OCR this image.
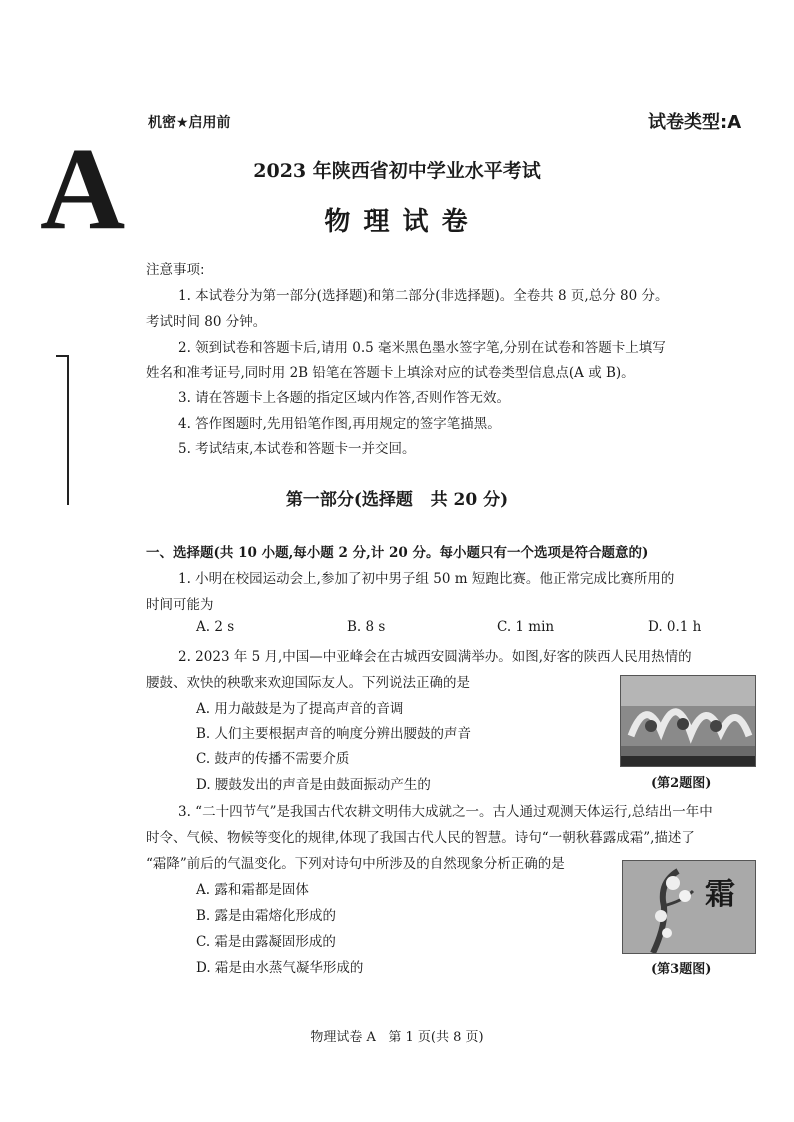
机密★启用前	试卷类型:A
A	2023 年陕西省初中学业水平考试
物 理 试 卷
注意事项:
1. 本试卷分为第一部分(选择题)和第二部分(非选择题)。全卷共 8 页,总分 80 分。
考试时间 80 分钟。
2. 领到试卷和答题卡后,请用 0.5 毫米黑色墨水签字笔,分别在试卷和答题卡上填写
姓名和准考证号,同时用 2B 铅笔在答题卡上填涂对应的试卷类型信息点(A 或 B)。
3. 请在答题卡上各题的指定区域内作答,否则作答无效。
4. 答作图题时,先用铅笔作图,再用规定的签字笔描黑。
5. 考试结束,本试卷和答题卡一并交回。
第一部分(选择题   共 20 分)
一、选择题(共 10 小题,每小题 2 分,计 20 分。每小题只有一个选项是符合题意的)
1. 小明在校园运动会上,参加了初中男子组 50 m 短跑比赛。他正常完成比赛所用的
时间可能为
A. 2 s	B. 8 s	C. 1 min	D. 0.1 h
2. 2023 年 5 月,中国—中亚峰会在古城西安圆满举办。如图,好客的陕西人民用热情的
腰鼓、欢快的秧歌来欢迎国际友人。下列说法正确的是
A. 用力敲鼓是为了提高声音的音调
B. 人们主要根据声音的响度分辨出腰鼓的声音
C. 鼓声的传播不需要介质
D. 腰鼓发出的声音是由鼓面振动产生的	(第2题图)
3. “二十四节气”是我国古代农耕文明伟大成就之一。古人通过观测天体运行,总结出一年中
时令、气候、物候等变化的规律,体现了我国古代人民的智慧。诗句“一朝秋暮露成霜”,描述了
“霜降”前后的气温变化。下列对诗句中所涉及的自然现象分析正确的是
A. 露和霜都是固体
B. 露是由霜熔化形成的
C. 霜是由露凝固形成的
D. 霜是由水蒸气凝华形成的
霜
(第3题图)
物理试卷 A   第 1 页(共 8 页)
